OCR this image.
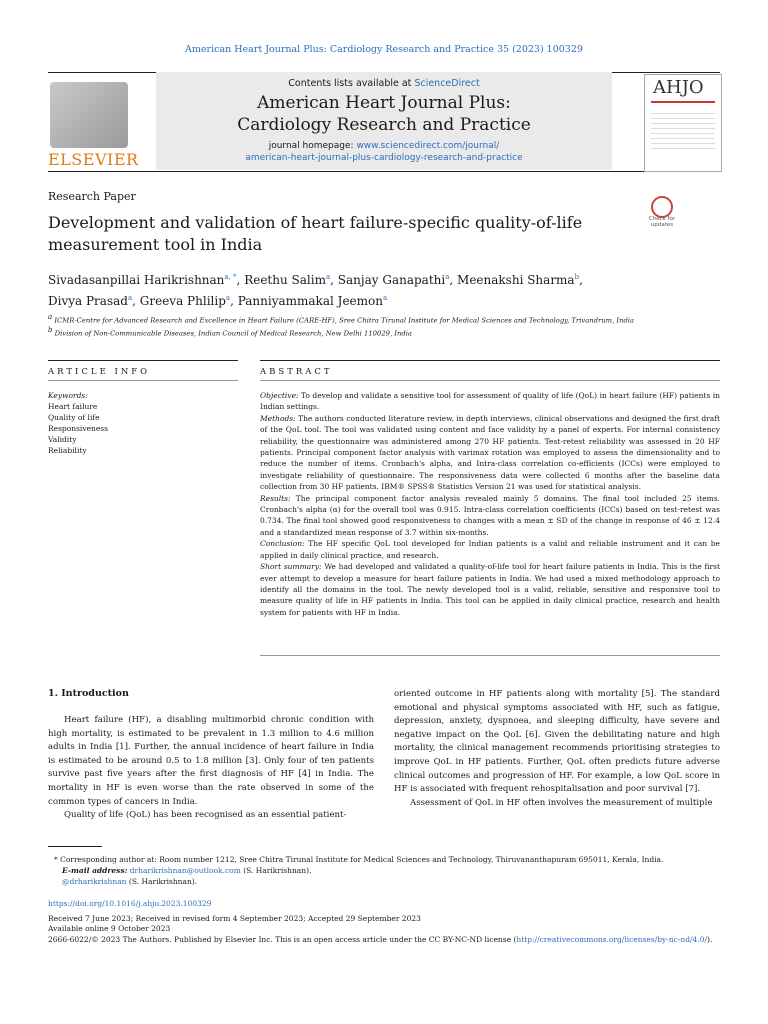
American Heart Journal Plus: Cardiology Research and Practice 35 (2023) 100329
ELSEVIER
Contents lists available at ScienceDirect
American Heart Journal Plus:
Cardiology Research and Practice
journal homepage: www.sciencedirect.com/journal/
american-heart-journal-plus-cardiology-research-and-practice
AHJO
Research Paper
Development and validation of heart failure-specific quality-of-life measurement tool in India
Check for updates
Sivadasanpillai Harikrishnan$^{a, *}$, Reethu Salim$^a$, Sanjay Ganapathi$^a$, Meenakshi Sharma$^b$,
Divya Prasad$^a$, Greeva Phlilip$^a$, Panniyammakal Jeemon$^a$
$^a$ ICMR-Centre for Advanced Research and Excellence in Heart Failure (CARE-HF), Sree Chitra Tirunal Institute for Medical Sciences and Technology, Trivandrum, India
$^b$ Division of Non-Communicable Diseases, Indian Council of Medical Research, New Delhi 110029, India
ARTICLE INFO	ABSTRACT
Keywords:
Heart failure
Quality of life
Responsiveness
Validity
Reliability
Objective: To develop and validate a sensitive tool for assessment of quality of life (QoL) in heart failure (HF) patients in Indian settings.
Methods: The authors conducted literature review, in depth interviews, clinical observations and designed the first draft of the QoL tool. The tool was validated using content and face validity by a panel of experts. For internal consistency reliability, the questionnaire was administered among 270 HF patients. Test-retest reliability was assessed in 20 HF patients. Principal component factor analysis with varimax rotation was employed to assess the dimensionality and to reduce the number of items. Cronbach's alpha, and Intra-class correlation co-efficients (ICCs) were employed to investigate reliability of questionnaire. The responsiveness data were collected 6 months after the baseline data collection from 30 HF patients. IBM® SPSS® Statistics Version 21 was used for statistical analysis.
Results: The principal component factor analysis revealed mainly 5 domains. The final tool included 25 items. Cronbach's alpha (α) for the overall tool was 0.915. Intra-class correlation coefficients (ICCs) based on test-retest was 0.734. The final tool showed good responsiveness to changes with a mean ± SD of the change in response of 46 ± 12.4 and a standardized mean response of 3.7 within six-months.
Conclusion: The HF specific QoL tool developed for Indian patients is a valid and reliable instrument and it can be applied in daily clinical practice, and research.
Short summary: We had developed and validated a quality-of-life tool for heart failure patients in India. This is the first ever attempt to develop a measure for heart failure patients in India. We had used a mixed methodology approach to identify all the domains in the tool. The newly developed tool is a valid, reliable, sensitive and responsive tool to measure quality of life in HF patients in India. This tool can be applied in daily clinical practice, research and health system for patients with HF in India.
1. Introduction

Heart failure (HF), a disabling multimorbid chronic condition with high mortality, is estimated to be prevalent in 1.3 million to 4.6 million adults in India [1]. Further, the annual incidence of heart failure in India is estimated to be around 0.5 to 1.8 million [3]. Only four of ten patients survive past five years after the first diagnosis of HF [4] in India. The mortality in HF is even worse than the rate observed in some of the common types of cancers in India.

Quality of life (QoL) has been recognised as an essential patient-

oriented outcome in HF patients along with mortality [5]. The standard emotional and physical symptoms associated with HF, such as fatigue, depression, anxiety, dyspnoea, and sleeping difficulty, have severe and negative impact on the QoL [6]. Given the debilitating nature and high mortality, the clinical management recommends prioritising strategies to improve QoL in HF patients. Further, QoL often predicts future adverse clinical outcomes and progression of HF. For example, a low QoL score in HF is associated with frequent rehospitalisation and poor survival [7].

Assessment of QoL in HF often involves the measurement of multiple

* Corresponding author at: Room number 1212, Sree Chitra Tirunal Institute for Medical Sciences and Technology, Thiruvananthapuram 695011, Kerala, India.
E-mail address: drharikrishnan@outlook.com (S. Harikrishnan).
@drharikrishnan (S. Harikrishnan).
https://doi.org/10.1016/j.ahjo.2023.100329
Received 7 June 2023; Received in revised form 4 September 2023; Accepted 29 September 2023
Available online 9 October 2023
2666-6022/© 2023 The Authors. Published by Elsevier Inc. This is an open access article under the CC BY-NC-ND license (http://creativecommons.org/licenses/by-nc-nd/4.0/).
